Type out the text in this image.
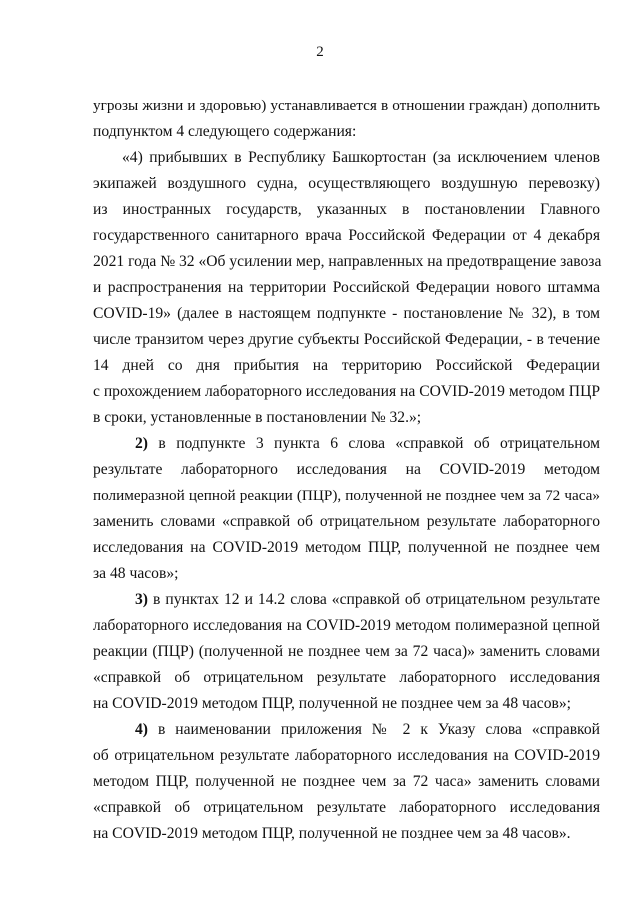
2
угрозы жизни и здоровью) устанавливается в отношении граждан) дополнить
подпунктом 4 следующего содержания:
«4) прибывших в Республику Башкортостан (за исключением членов
экипажей воздушного судна, осуществляющего воздушную перевозку)
из иностранных государств, указанных в постановлении Главного
государственного санитарного врача Российской Федерации от 4 декабря
2021 года № 32 «Об усилении мер, направленных на предотвращение завоза
и распространения на территории Российской Федерации нового штамма
COVID-19» (далее в настоящем подпункте - постановление № 32), в том
числе транзитом через другие субъекты Российской Федерации, - в течение
14 дней со дня прибытия на территорию Российской Федерации
с прохождением лабораторного исследования на COVID-2019 методом ПЦР
в сроки, установленные в постановлении № 32.»;
2) в подпункте 3 пункта 6 слова «справкой об отрицательном
результате лабораторного исследования на COVID-2019 методом
полимеразной цепной реакции (ПЦР), полученной не позднее чем за 72 часа»
заменить словами «справкой об отрицательном результате лабораторного
исследования на COVID-2019 методом ПЦР, полученной не позднее чем
за 48 часов»;
3) в пунктах 12 и 14.2 слова «справкой об отрицательном результате
лабораторного исследования на COVID-2019 методом полимеразной цепной
реакции (ПЦР) (полученной не позднее чем за 72 часа)» заменить словами
«справкой об отрицательном результате лабораторного исследования
на COVID-2019 методом ПЦР, полученной не позднее чем за 48 часов»;
4) в наименовании приложения № 2 к Указу слова «справкой
об отрицательном результате лабораторного исследования на COVID-2019
методом ПЦР, полученной не позднее чем за 72 часа» заменить словами
«справкой об отрицательном результате лабораторного исследования
на COVID-2019 методом ПЦР, полученной не позднее чем за 48 часов».
